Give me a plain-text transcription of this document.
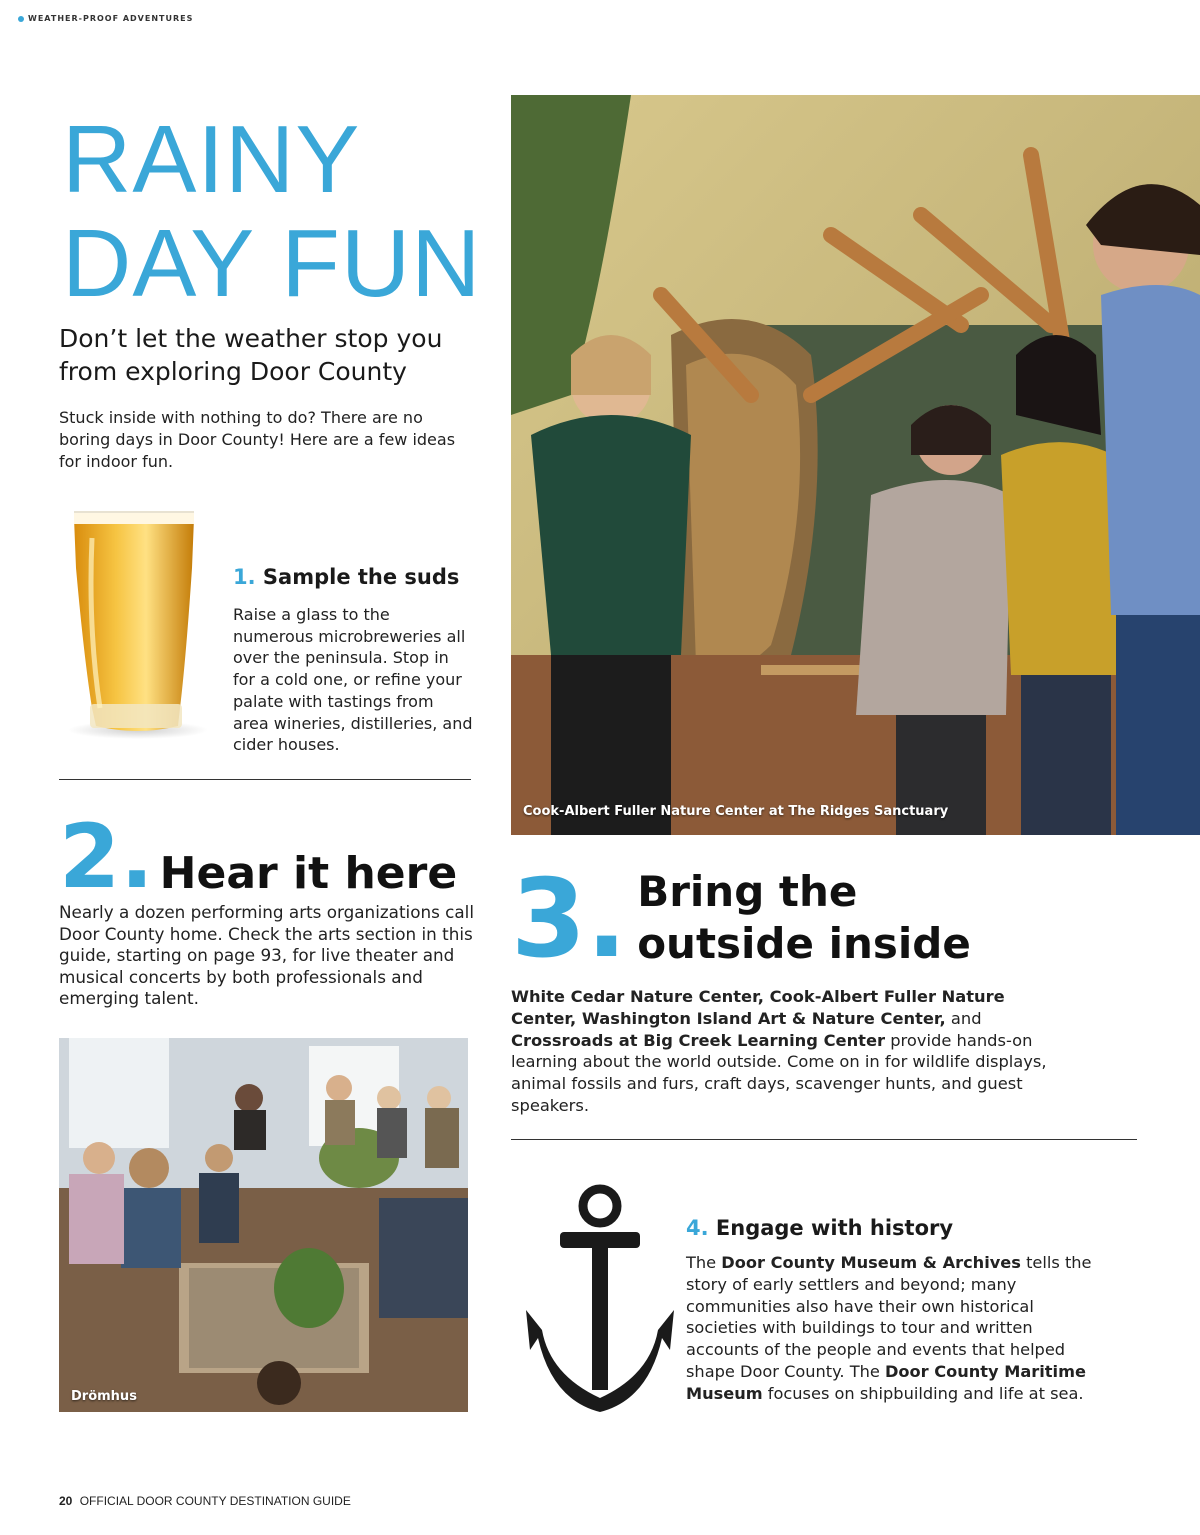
WEATHER-PROOF ADVENTURES
RAINY
DAY FUN
Don’t let the weather stop you from exploring Door County

Stuck inside with nothing to do? There are no boring days in Door County! Here are a few ideas for indoor fun.

1. Sample the suds

Raise a glass to the numerous microbreweries all over the peninsula. Stop in for a cold one, or refine your palate with tastings from area wineries, distilleries, and cider houses.

2. Hear it here

Nearly a dozen performing arts organizations call Door County home. Check the arts section in this guide, starting on page 93, for live theater and musical concerts by both professionals and emerging talent.

Drömhus
Cook-Albert Fuller Nature Center at The Ridges Sanctuary
3. Bring the
outside inside

White Cedar Nature Center, Cook-Albert Fuller Nature Center, Washington Island Art & Nature Center, and Crossroads at Big Creek Learning Center provide hands-on learning about the world outside. Come on in for wildlife displays, animal fossils and furs, craft days, scavenger hunts, and guest speakers.

4. Engage with history

The Door County Museum & Archives tells the story of early settlers and beyond; many communities also have their own historical societies with buildings to tour and written accounts of the people and events that helped shape Door County. The Door County Maritime Museum focuses on shipbuilding and life at sea.

20 OFFICIAL DOOR COUNTY DESTINATION GUIDE
